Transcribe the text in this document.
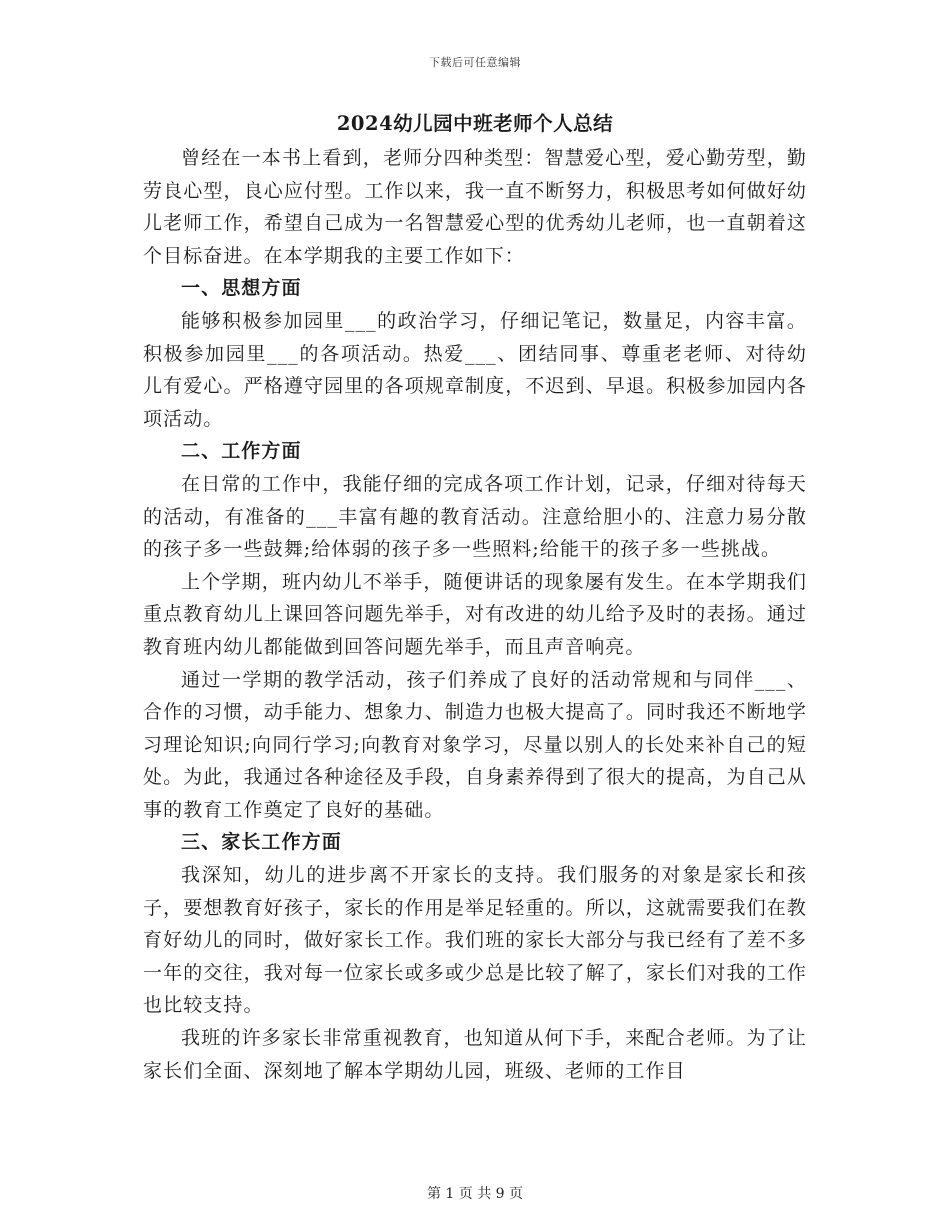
下载后可任意编辑
2024幼儿园中班老师个人总结

曾经在一本书上看到，老师分四种类型：智慧爱心型，爱心勤劳型，勤劳良心型，良心应付型。工作以来，我一直不断努力，积极思考如何做好幼儿老师工作，希望自己成为一名智慧爱心型的优秀幼儿老师，也一直朝着这个目标奋进。在本学期我的主要工作如下：

一、思想方面

能够积极参加园里___的政治学习，仔细记笔记，数量足，内容丰富。积极参加园里___的各项活动。热爱___、团结同事、尊重老老师、对待幼儿有爱心。严格遵守园里的各项规章制度，不迟到、早退。积极参加园内各项活动。

二、工作方面

在日常的工作中，我能仔细的完成各项工作计划，记录，仔细对待每天的活动，有准备的___丰富有趣的教育活动。注意给胆小的、注意力易分散的孩子多一些鼓舞;给体弱的孩子多一些照料;给能干的孩子多一些挑战。

上个学期，班内幼儿不举手，随便讲话的现象屡有发生。在本学期我们重点教育幼儿上课回答问题先举手，对有改进的幼儿给予及时的表扬。通过教育班内幼儿都能做到回答问题先举手，而且声音响亮。

通过一学期的教学活动，孩子们养成了良好的活动常规和与同伴___、合作的习惯，动手能力、想象力、制造力也极大提高了。同时我还不断地学习理论知识;向同行学习;向教育对象学习，尽量以别人的长处来补自己的短处。为此，我通过各种途径及手段，自身素养得到了很大的提高，为自己从事的教育工作奠定了良好的基础。

三、家长工作方面

我深知，幼儿的进步离不开家长的支持。我们服务的对象是家长和孩子，要想教育好孩子，家长的作用是举足轻重的。所以，这就需要我们在教育好幼儿的同时，做好家长工作。我们班的家长大部分与我已经有了差不多一年的交往，我对每一位家长或多或少总是比较了解了，家长们对我的工作也比较支持。

我班的许多家长非常重视教育，也知道从何下手，来配合老师。为了让家长们全面、深刻地了解本学期幼儿园，班级、老师的工作目

第 1 页 共 9 页
